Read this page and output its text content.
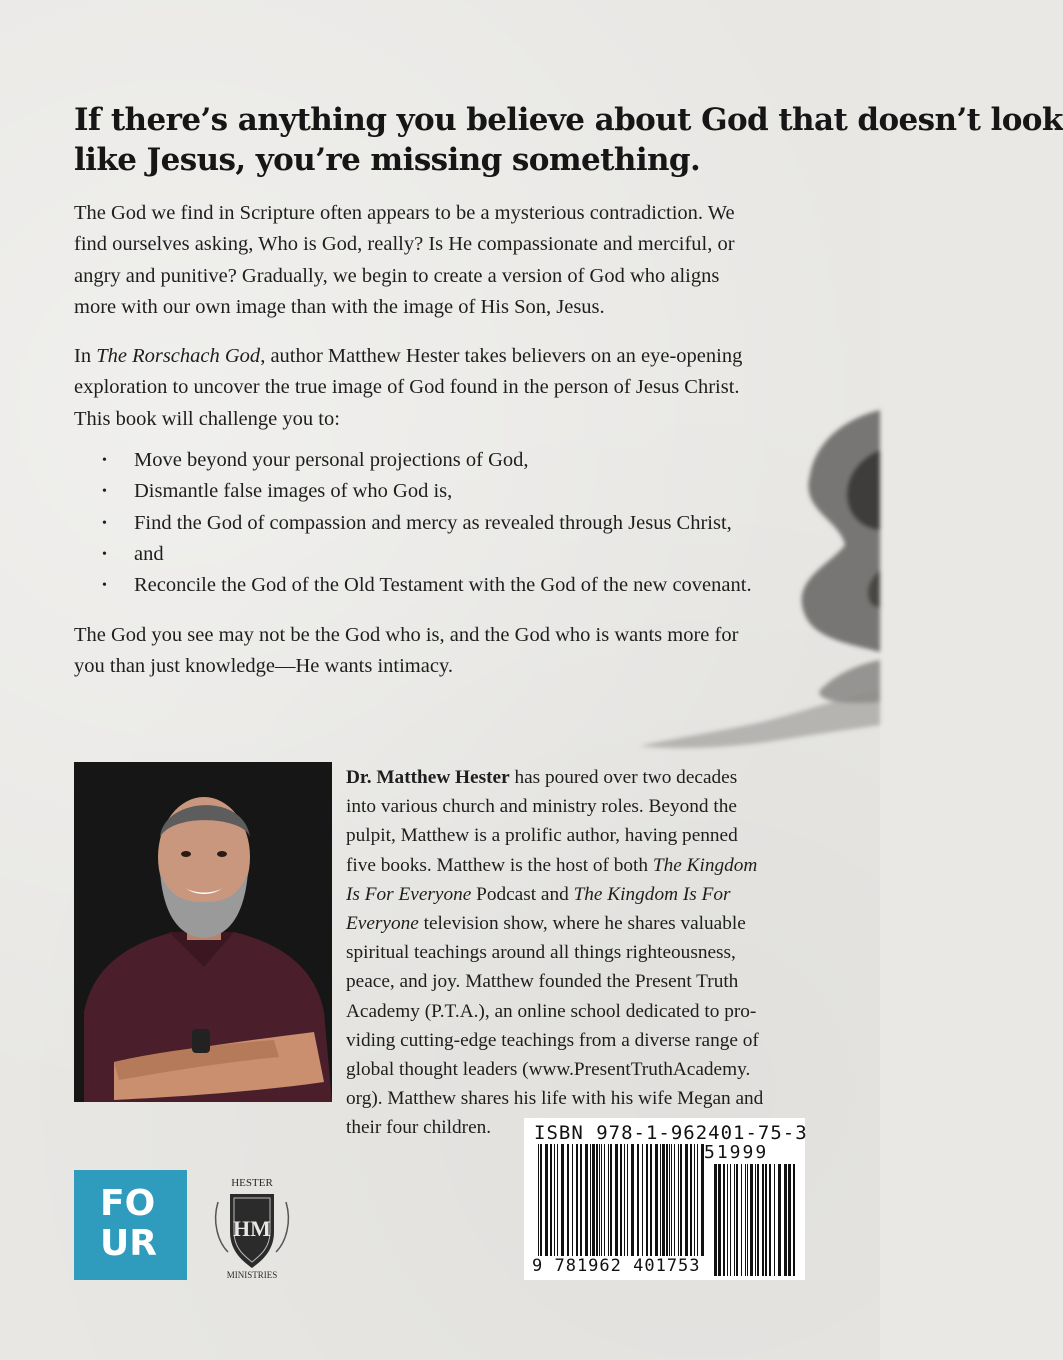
If there’s anything you believe about God that doesn’t look
like Jesus, you’re missing something.
The God we find in Scripture often appears to be a mysterious contradiction. We
find ourselves asking, Who is God, really? Is He compassionate and merciful, or
angry and punitive? Gradually, we begin to create a version of God who aligns
more with our own image than with the image of His Son, Jesus.
In The Rorschach God, author Matthew Hester takes believers on an eye-opening
exploration to uncover the true image of God found in the person of Jesus Christ.
This book will challenge you to:
• Move beyond your personal projections of God,
• Dismantle false images of who God is,
• Find the God of compassion and mercy as revealed through Jesus Christ,
• and
• Reconcile the God of the Old Testament with the God of the new covenant.
The God you see may not be the God who is, and the God who is wants more for
you than just knowledge—He wants intimacy.
Dr. Matthew Hester has poured over two decades
into various church and ministry roles. Beyond the
pulpit, Matthew is a prolific author, having penned
five books. Matthew is the host of both The Kingdom
Is For Everyone Podcast and The Kingdom Is For
Everyone television show, where he shares valuable
spiritual teachings around all things righteousness,
peace, and joy. Matthew founded the Present Truth
Academy (P.T.A.), an online school dedicated to pro-
viding cutting-edge teachings from a diverse range of
global thought leaders (www.PresentTruthAcademy.
org). Matthew shares his life with his wife Megan and
their four children.	ISBN 978-1-962401-75-3
51999
9 781962 401753
FO
UR
HESTER
HM
MINISTRIES
